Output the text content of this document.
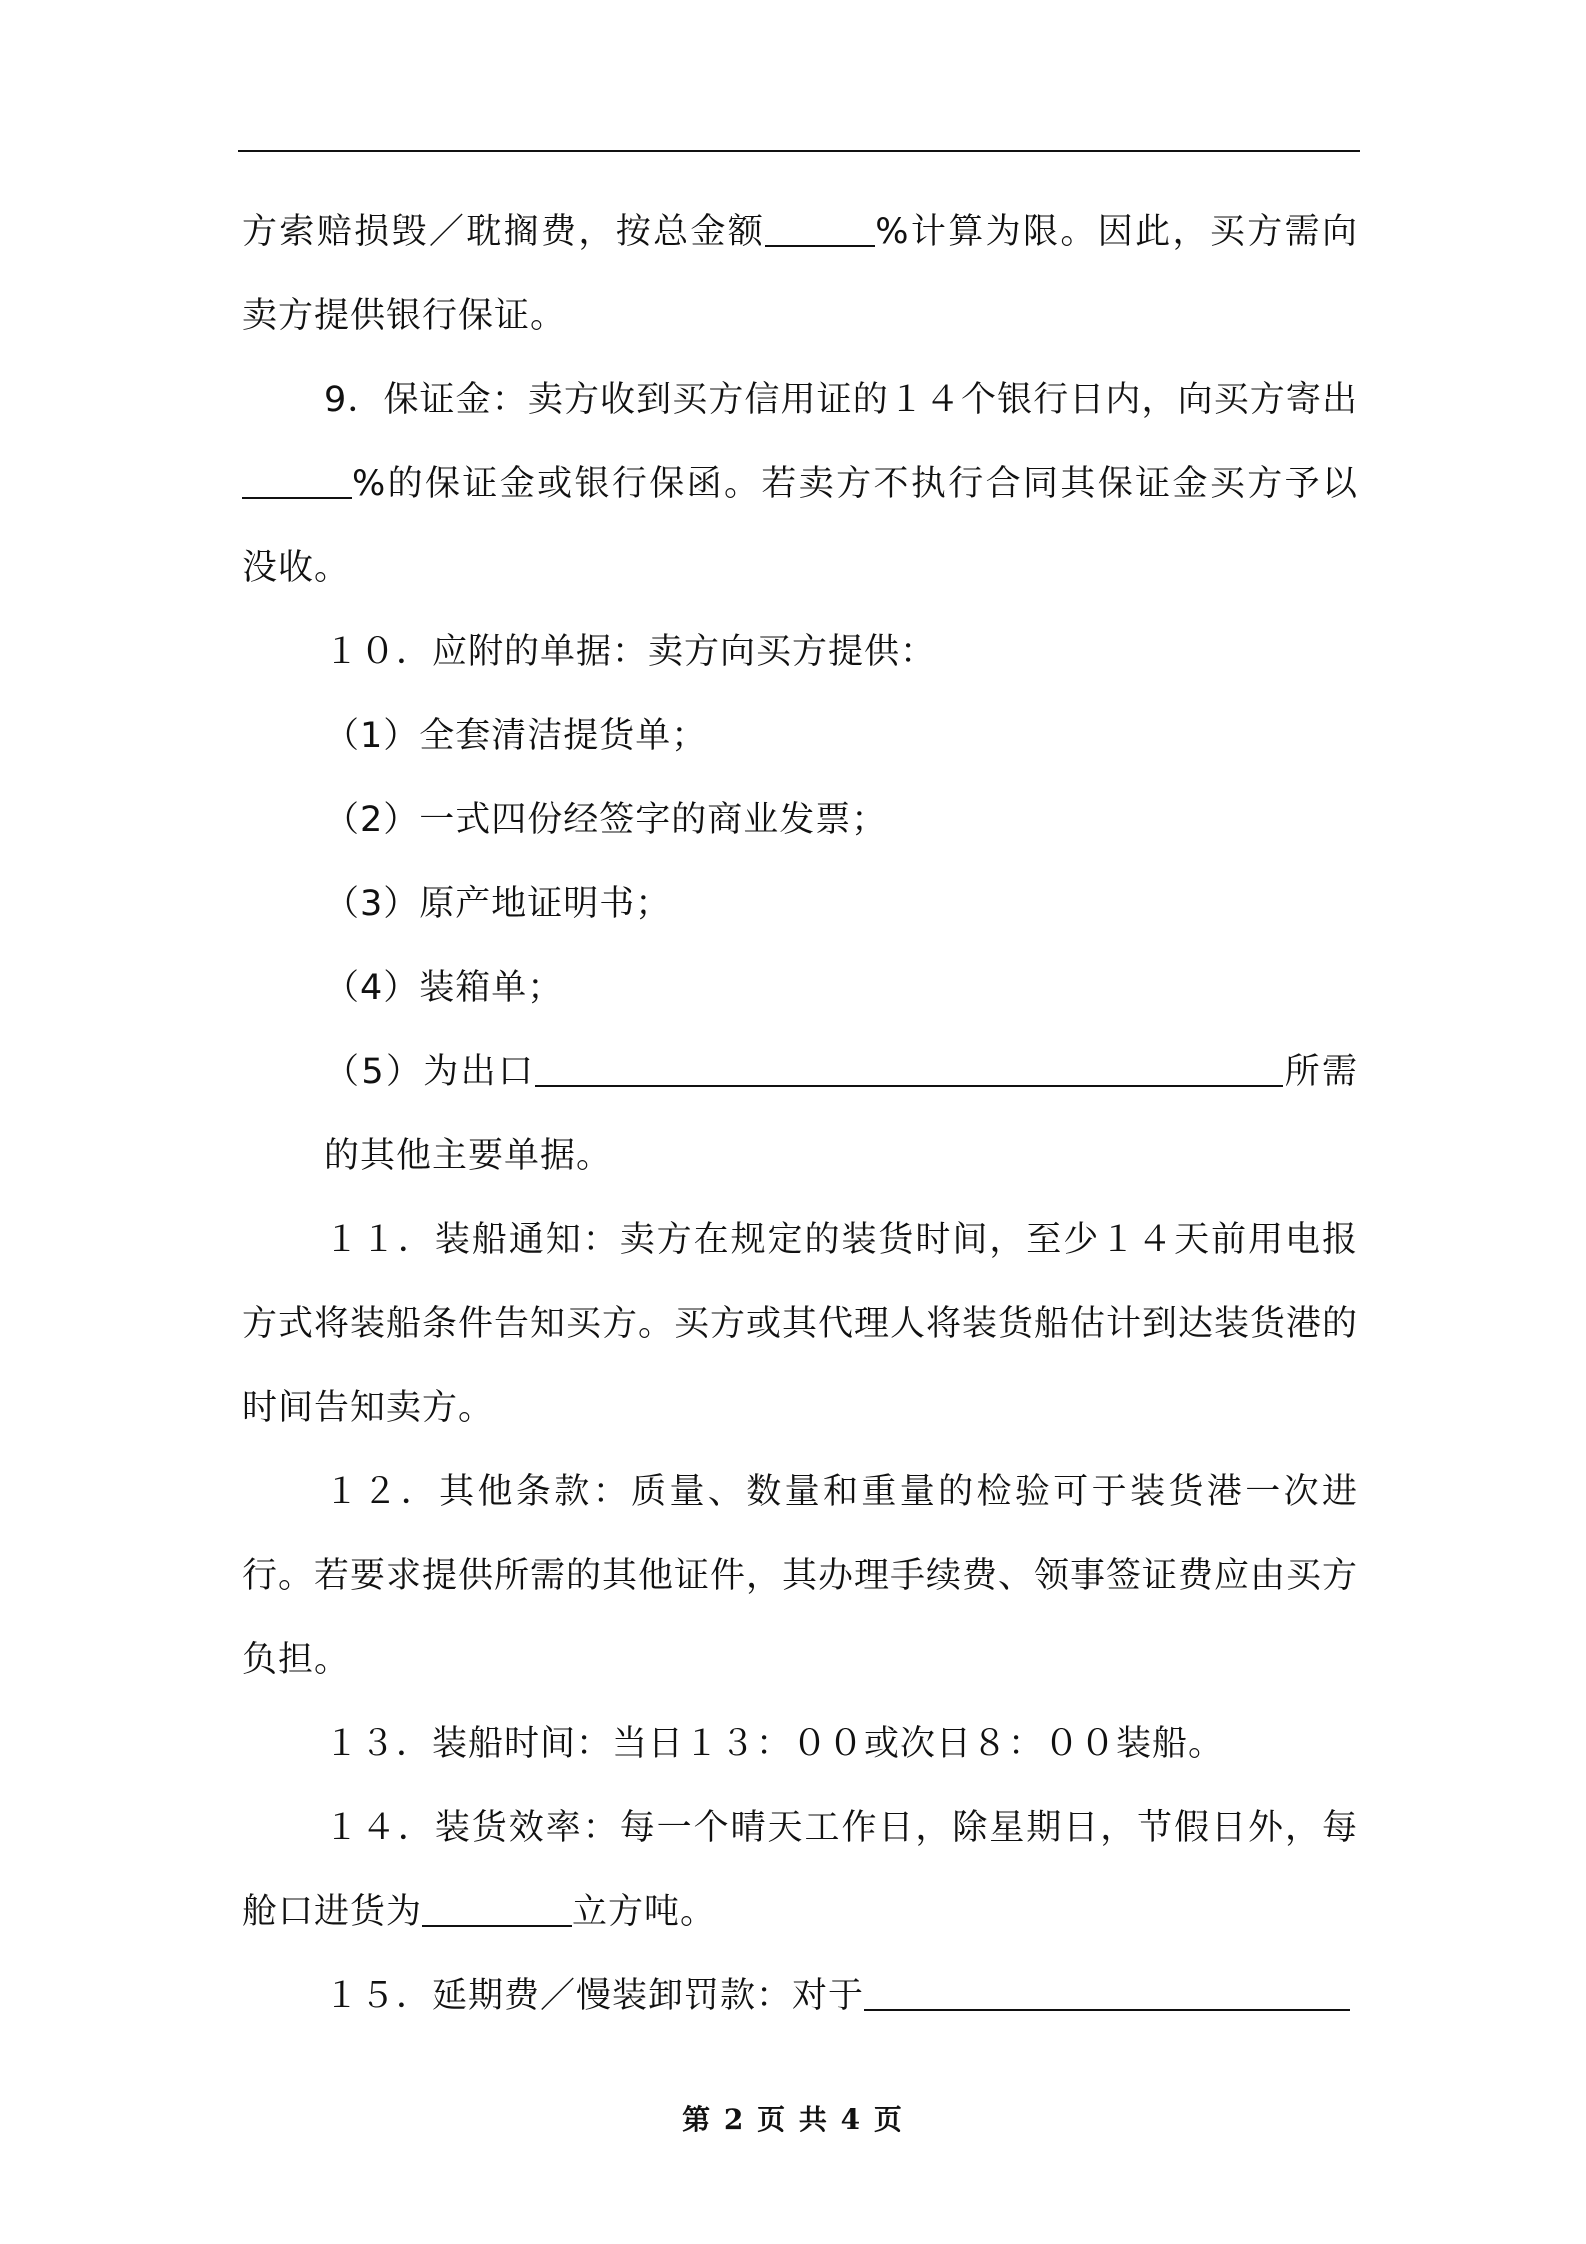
方索赔损毁／耽搁费，按总金额	%计算为限。因此，买方需向卖方提供银行保证。

9．保证金：卖方收到买方信用证的１４个银行日内，向买方寄出%的保证金或银行保函。若卖方不执行合同其保证金买方予以没收。

１０．应附的单据：卖方向买方提供：

（1）全套清洁提货单；

（2）一式四份经签字的商业发票；

（3）原产地证明书；

（4）装箱单；

（5）为出口	所需的其他主要单据。

１１．装船通知：卖方在规定的装货时间，至少１４天前用电报方式将装船条件告知买方。买方或其代理人将装货船估计到达装货港的时间告知卖方。

１２．其他条款：质量、数量和重量的检验可于装货港一次进行。若要求提供所需的其他证件，其办理手续费、领事签证费应由买方负担。

１３．装船时间：当日１３：００或次日８：００装船。

１４．装货效率：每一个晴天工作日，除星期日，节假日外，每舱口进货为	立方吨。

１５．延期费／慢装卸罚款：对于

第 2 页 共 4 页
